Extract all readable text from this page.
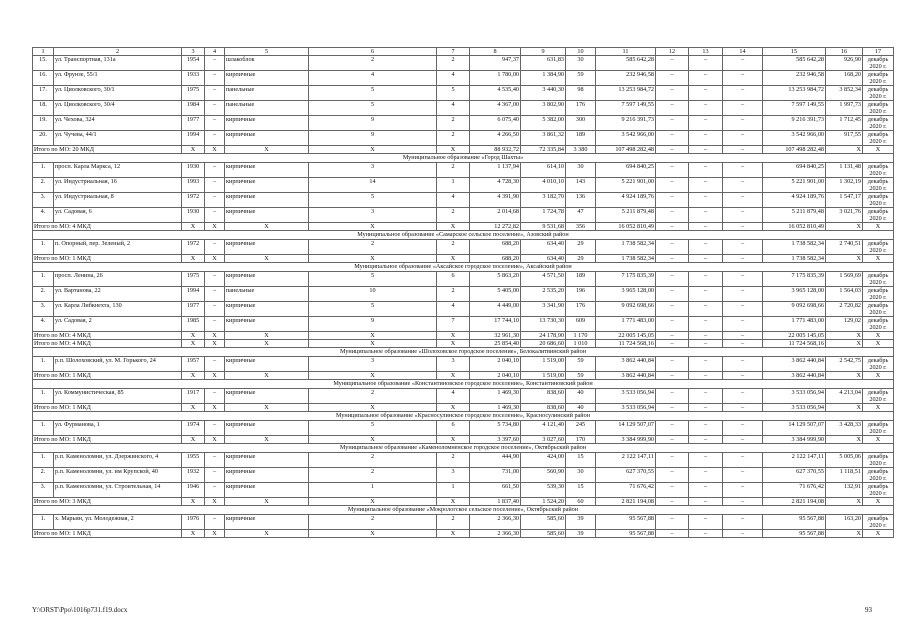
1	2	3	4	5	6	7	8	9	10	11	12	13	14	15	16	17
15.	ул. Транспортная, 131а	1954	–	шлакоблок	2	2	947,37	631,83	30	585 642,28	–	–	–	585 642,28	926,90	декабрь 2020 г.
16.	ул. Фрунзе, 55/1	1933	–	кирпичные	4	4	1 780,00	1 384,90	59	232 946,58	–	–	–	232 946,58	168,20	декабрь 2020 г.
17.	ул. Циолковского, 30/1	1975	–	панельные	5	5	4 535,40	3 440,30	98	13 253 984,72	–	–	–	13 253 984,72	3 852,34	декабрь 2020 г.
18.	ул. Циолковского, 30/4	1984	–	панельные	5	4	4 367,00	3 802,90	176	7 597 149,55	–	–	–	7 597 149,55	1 997,73	декабрь 2020 г.
19.	ул. Чехова, 324	1977	–	кирпичные	9	2	6 075,40	5 382,00	300	9 216 391,73	–	–	–	9 216 391,73	1 712,45	декабрь 2020 г.
20.	ул. Чучева, 44/1	1994	–	кирпичные	9	2	4 266,50	3 861,32	189	3 542 966,00	–	–	–	3 542 966,00	917,55	декабрь 2020 г.
Итого по МО: 20 МКД		X	X	X	X	X	88 932,72	72 335,84	3 380	107 498 282,48	–	–	–	107 498 282,48	X	X
Муниципальное образование «Город Шахты»																
1.	просп. Карла Маркса, 12	1930	–	кирпичные	3	2	1 137,94	614,10	30	694 840,25	–	–	–	694 840,25	1 131,48	декабрь 2020 г.
2.	ул. Индустриальная, 16	1993	–	кирпичные	14	1	4 728,30	4 010,10	143	5 221 901,00	–	–	–	5 221 901,00	1 302,19	декабрь 2020 г.
3.	ул. Индустриальная, 8	1972	–	кирпичные	5	4	4 391,90	3 182,70	136	4 924 189,76	–	–	–	4 924 189,76	1 547,17	декабрь 2020 г.
4.	ул. Садовая, 6	1930	–	кирпичные	3	2	2 014,68	1 724,78	47	5 211 879,48	–	–	–	5 211 879,48	3 021,76	декабрь 2020 г.
Итого по МО: 4 МКД		X	X	X	X	X	12 272,82	9 531,68	356	16 052 810,49	–	–	–	16 052 810,49	X	X
Муниципальное образование «Самарское сельское поселение», Азовский район																
1.	п. Опорный, пер. Зеленый, 2	1972	–	кирпичные	2	2	688,20	634,40	29	1 738 582,34	–	–	–	1 738 582,34	2 740,51	декабрь 2020 г.
Итого по МО: 1 МКД		X	X	X	X	X	688,20	634,40	29	1 738 582,34	–	–	–	1 738 582,34	X	X
Муниципальное образование «Аксайское городское поселение», Аксайский район																
1.	просп. Ленина, 26	1975	–	кирпичные	5	6	5 863,20	4 571,50	189	7 175 835,39	–	–	–	7 175 835,39	1 569,69	декабрь 2020 г.
2.	ул. Вартанова, 22	1994	–	панельные	10	2	5 405,00	2 535,20	196	3 965 128,00	–	–	–	3 965 128,00	1 564,03	декабрь 2020 г.
3.	ул. Карла Либкнехта, 130	1977	–	кирпичные	5	4	4 449,00	3 341,90	176	9 092 698,66	–	–	–	9 092 698,66	2 720,82	декабрь 2020 г.
4.	ул. Садовая, 2	1985	–	кирпичные	9	7	17 744,10	13 730,30	609	1 771 483,00	–	–	–	1 771 483,00	129,02	декабрь 2020 г.
Итого по МО: 4 МКД		X	X	X	X	X	32 961,30	24 178,90	1 170	22 005 145,05	–	–	–	22 005 145,05	X	X
Итого по МО: 4 МКД		X	X	X	X	X	25 854,40	20 686,60	1 010	11 724 568,16	–	–	–	11 724 568,16	X	X
Муниципальное образование «Шолоховское городское поселение», Белокалитвинский район																
1.	р.п. Шолоховский, ул. М. Горького, 24	1957	–	кирпичные	3	3	2 040,10	1 519,00	59	3 862 440,84	–	–	–	3 862 440,84	2 542,75	декабрь 2020 г.
Итого по МО: 1 МКД		X	X	X	X	X	2 040,10	1 519,00	59	3 862 440,84	–	–	–	3 862 440,84	X	X
Муниципальное образование «Константиновское городское поселение», Константиновский район																
1.	ул. Коммунистическая, 85	1917	–	кирпичные	2	4	1 469,30	838,60	40	3 533 056,94	–	–	–	3 533 056,94	4 213,04	декабрь 2020 г.
Итого по МО: 1 МКД		X	X	X	X	X	1 469,30	838,60	40	3 533 056,94	–	–	–	3 533 056,94	X	X
Муниципальное образование «Красносулинское городское поселение», Красносулинский район																
1.	ул. Фурманова, 1	1974	–	кирпичные	5	6	5 734,80	4 121,40	245	14 129 507,07	–	–	–	14 129 507,07	3 428,33	декабрь 2020 г.
Итого по МО: 1 МКД		X	X	X	X	X	3 397,60	3 027,60	170	3 384 999,90	–	–	–	3 384 999,90	X	X
Муниципальное образование «Каменоломненское городское поселение», Октябрьский район																
1.	р.п. Каменоломни, ул. Дзержинского, 4	1955	–	кирпичные	2	2	444,90	424,00	15	2 122 147,11	–	–	–	2 122 147,11	5 005,06	декабрь 2020 г.
2.	р.п. Каменоломни, ул. им Крупской, 40	1932	–	кирпичные	2	3	731,00	560,90	30	627 370,55	–	–	–	627 370,55	1 118,51	декабрь 2020 г.
3.	р.п. Каменоломни, ул. Строительная, 14	1946	–	кирпичные	1	1	661,50	539,30	15	71 676,42	–	–	–	71 676,42	132,91	декабрь 2020 г.
Итого по МО: 3 МКД		X	X	X	X	X	1 837,40	1 524,20	60	2 821 194,08	–	–	–	2 821 194,08	X	X
Муниципальное образование «Мокрологское сельское поселение», Октябрьский район																
1.	х. Марьин, ул. Молодежная, 2	1976	–	кирпичные	2	2	2 366,30	585,60	39	95 567,88	–	–	–	95 567,88	163,20	декабрь 2020 г.
Итого по МО: 1 МКД		X	X	X	X	X	2 366,30	585,60	39	95 567,88	–	–	–	95 567,88	X	X
Y:\ORST\Ppo\1016p731.f19.docx	93
